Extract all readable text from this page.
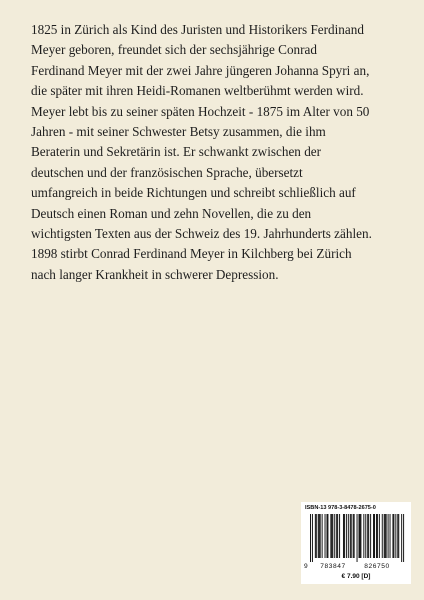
1825 in Zürich als Kind des Juristen und Historikers Ferdinand
Meyer geboren, freundet sich der sechsjährige Conrad
Ferdinand Meyer mit der zwei Jahre jüngeren Johanna Spyri an,
die später mit ihren Heidi-Romanen weltberühmt werden wird.
Meyer lebt bis zu seiner späten Hochzeit - 1875 im Alter von 50
Jahren - mit seiner Schwester Betsy zusammen, die ihm
Beraterin und Sekretärin ist. Er schwankt zwischen der
deutschen und der französischen Sprache, übersetzt
umfangreich in beide Richtungen und schreibt schließlich auf
Deutsch einen Roman und zehn Novellen, die zu den
wichtigsten Texten aus der Schweiz des 19. Jahrhunderts zählen.
1898 stirbt Conrad Ferdinand Meyer in Kilchberg bei Zürich
nach langer Krankheit in schwerer Depression.
ISBN-13 978-3-8478-2675-0
9 783847	826750
€ 7.90 [D]
